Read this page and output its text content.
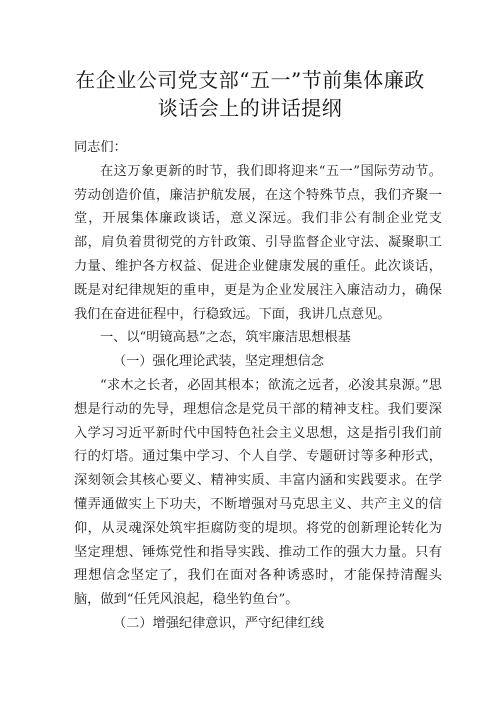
在企业公司党支部“五一”节前集体廉政
谈话会上的讲话提纲

同志们：

在这万象更新的时节，我们即将迎来“五一”国际劳动节。劳动创造价值，廉洁护航发展，在这个特殊节点，我们齐聚一堂，开展集体廉政谈话，意义深远。我们非公有制企业党支部，肩负着贯彻党的方针政策、引导监督企业守法、凝聚职工力量、维护各方权益、促进企业健康发展的重任。此次谈话，既是对纪律规矩的重申，更是为企业发展注入廉洁动力，确保我们在奋进征程中，行稳致远。下面，我讲几点意见。

一、以“明镜高悬”之态，筑牢廉洁思想根基

（一）强化理论武装，坚定理想信念

“求木之长者，必固其根本；欲流之远者，必浚其泉源。”思想是行动的先导，理想信念是党员干部的精神支柱。我们要深入学习习近平新时代中国特色社会主义思想，这是指引我们前行的灯塔。通过集中学习、个人自学、专题研讨等多种形式，深刻领会其核心要义、精神实质、丰富内涵和实践要求。在学懂弄通做实上下功夫，不断增强对马克思主义、共产主义的信仰，从灵魂深处筑牢拒腐防变的堤坝。将党的创新理论转化为坚定理想、锤炼党性和指导实践、推动工作的强大力量。只有理想信念坚定了，我们在面对各种诱惑时，才能保持清醒头脑，做到“任凭风浪起，稳坐钓鱼台”。

（二）增强纪律意识，严守纪律红线
